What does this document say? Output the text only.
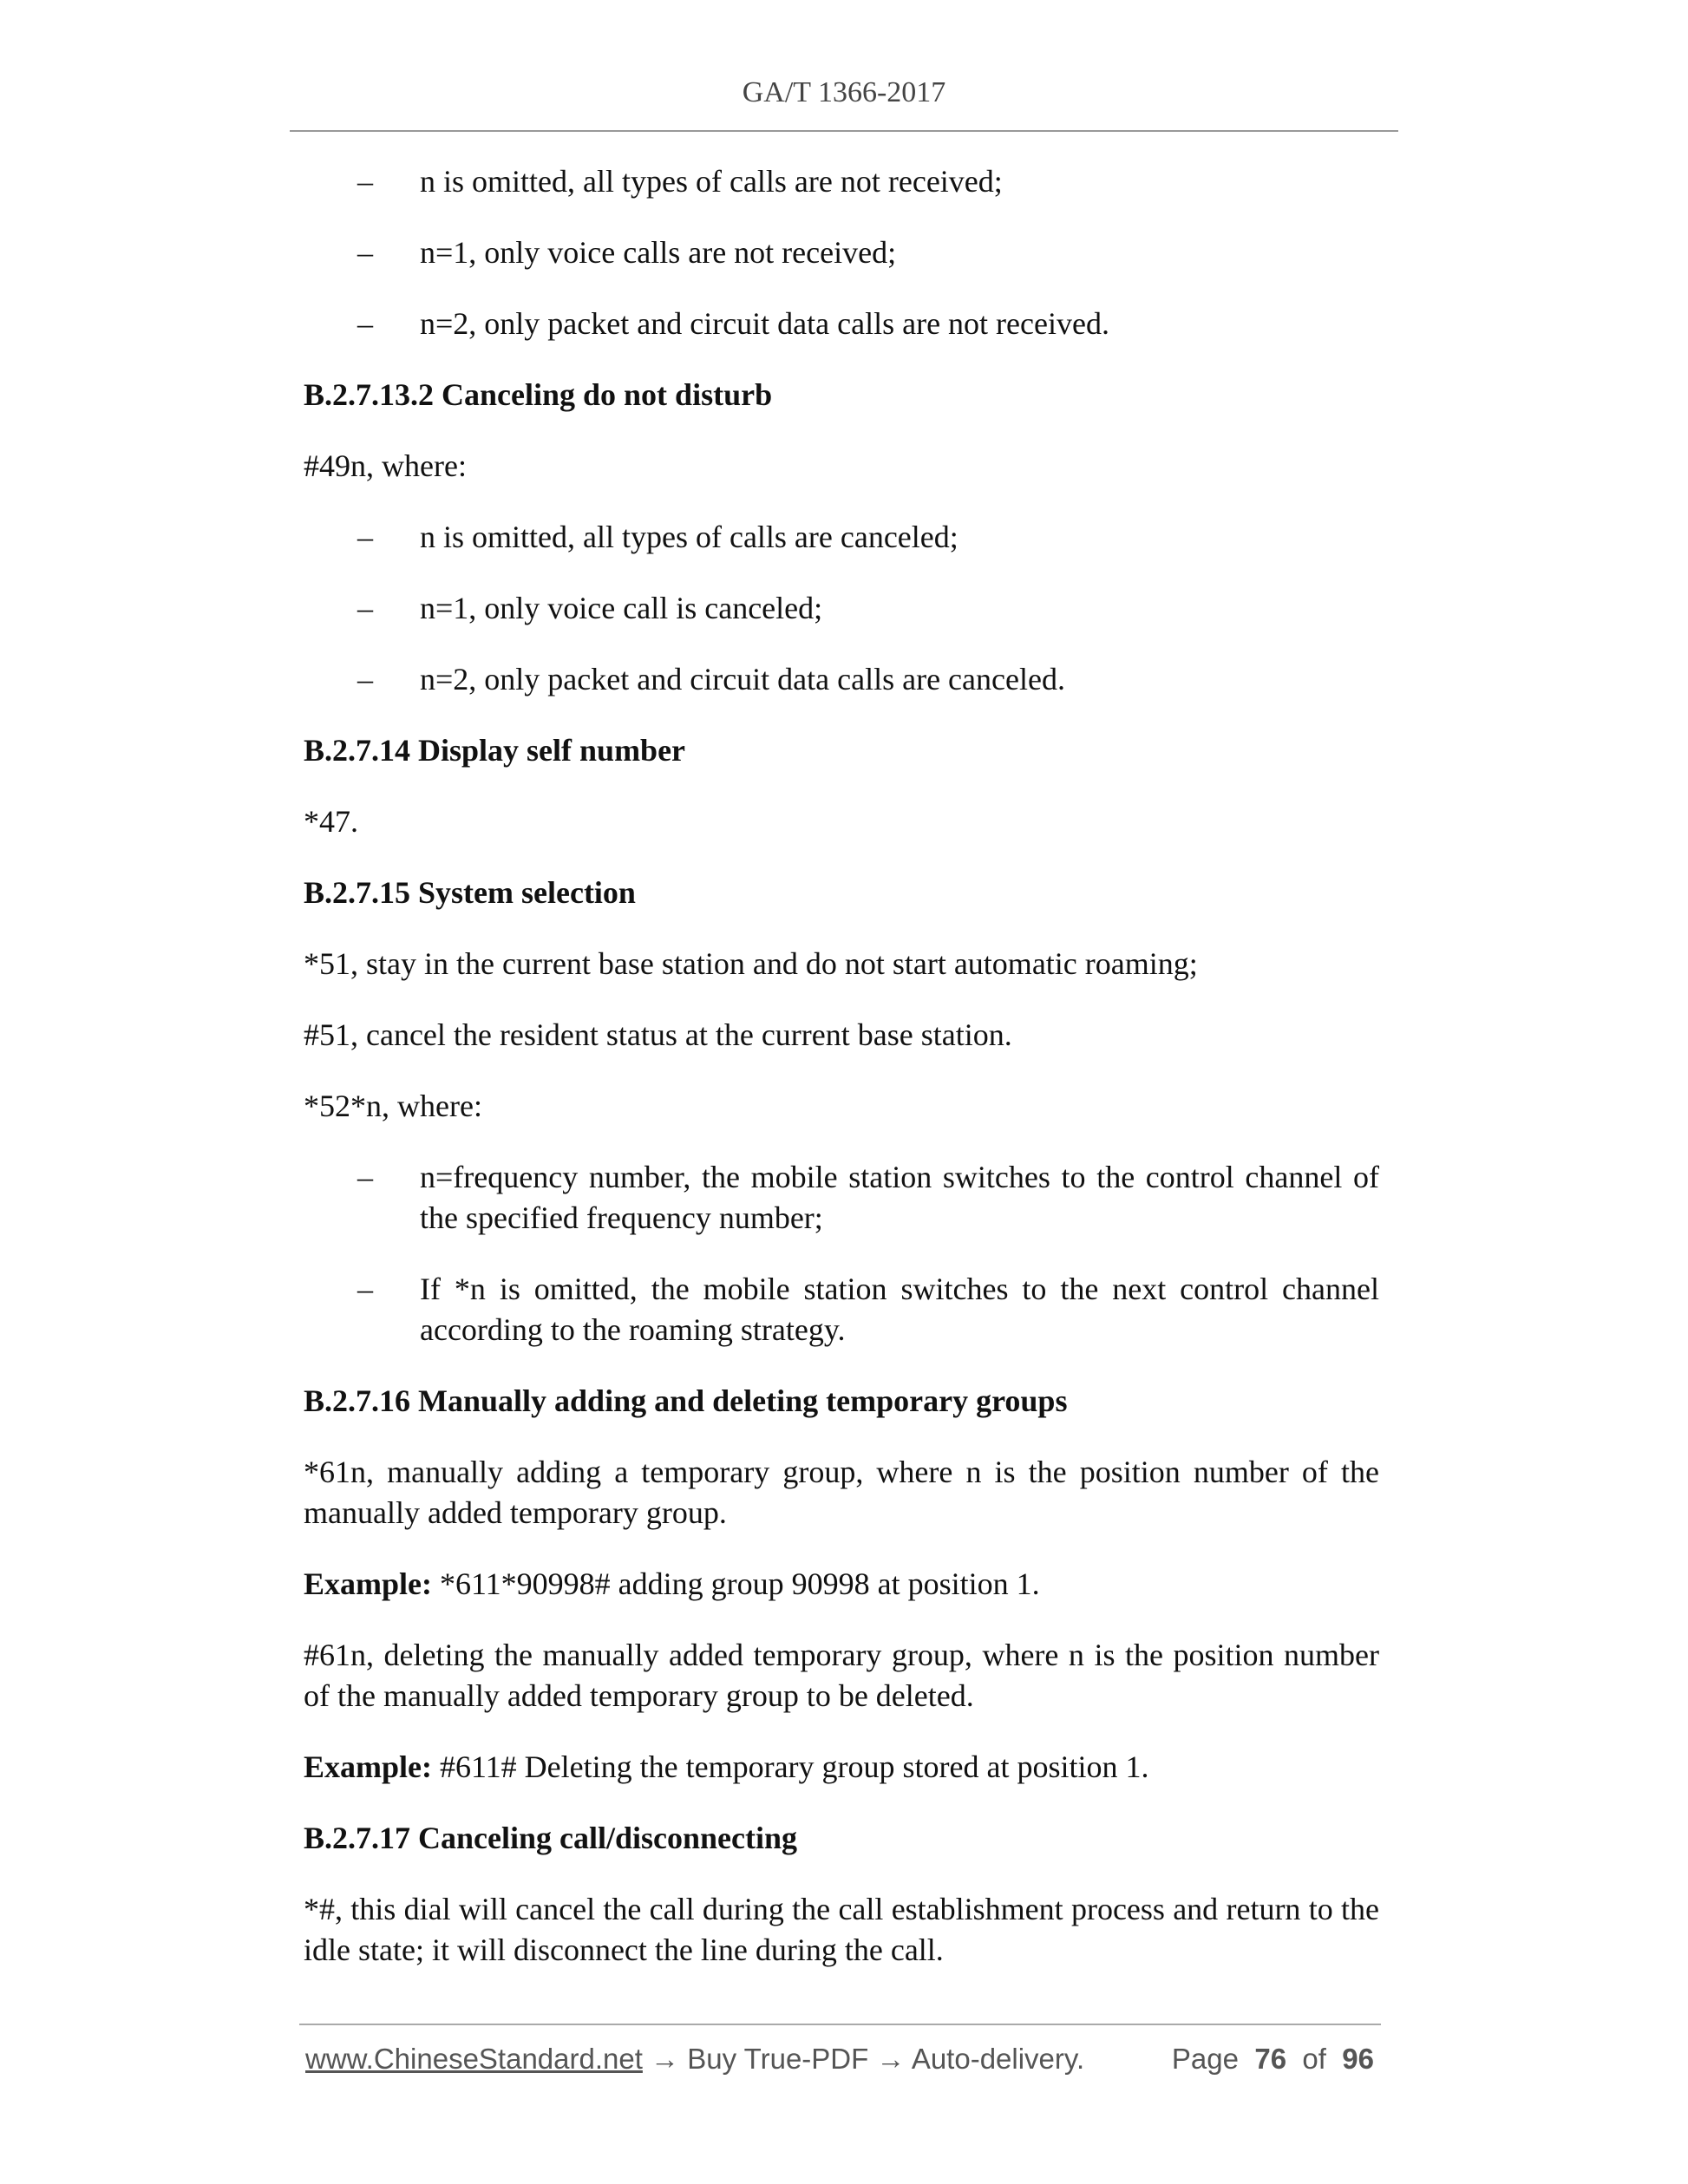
GA/T 1366-2017
– n is omitted, all types of calls are not received;
– n=1, only voice calls are not received;
– n=2, only packet and circuit data calls are not received.
B.2.7.13.2 Canceling do not disturb
#49n, where:
– n is omitted, all types of calls are canceled;
– n=1, only voice call is canceled;
– n=2, only packet and circuit data calls are canceled.
B.2.7.14 Display self number
*47.
B.2.7.15 System selection
*51, stay in the current base station and do not start automatic roaming;
#51, cancel the resident status at the current base station.
*52*n, where:
– n=frequency number, the mobile station switches to the control channel of the specified frequency number;
– If *n is omitted, the mobile station switches to the next control channel according to the roaming strategy.
B.2.7.16 Manually adding and deleting temporary groups
*61n, manually adding a temporary group, where n is the position number of the manually added temporary group.
Example: *611*90998# adding group 90998 at position 1.
#61n, deleting the manually added temporary group, where n is the position number of the manually added temporary group to be deleted.
Example: #611# Deleting the temporary group stored at position 1.
B.2.7.17 Canceling call/disconnecting
*#, this dial will cancel the call during the call establishment process and return to the idle state; it will disconnect the line during the call.
www.ChineseStandard.net → Buy True-PDF → Auto-delivery.	Page 76 of 96
